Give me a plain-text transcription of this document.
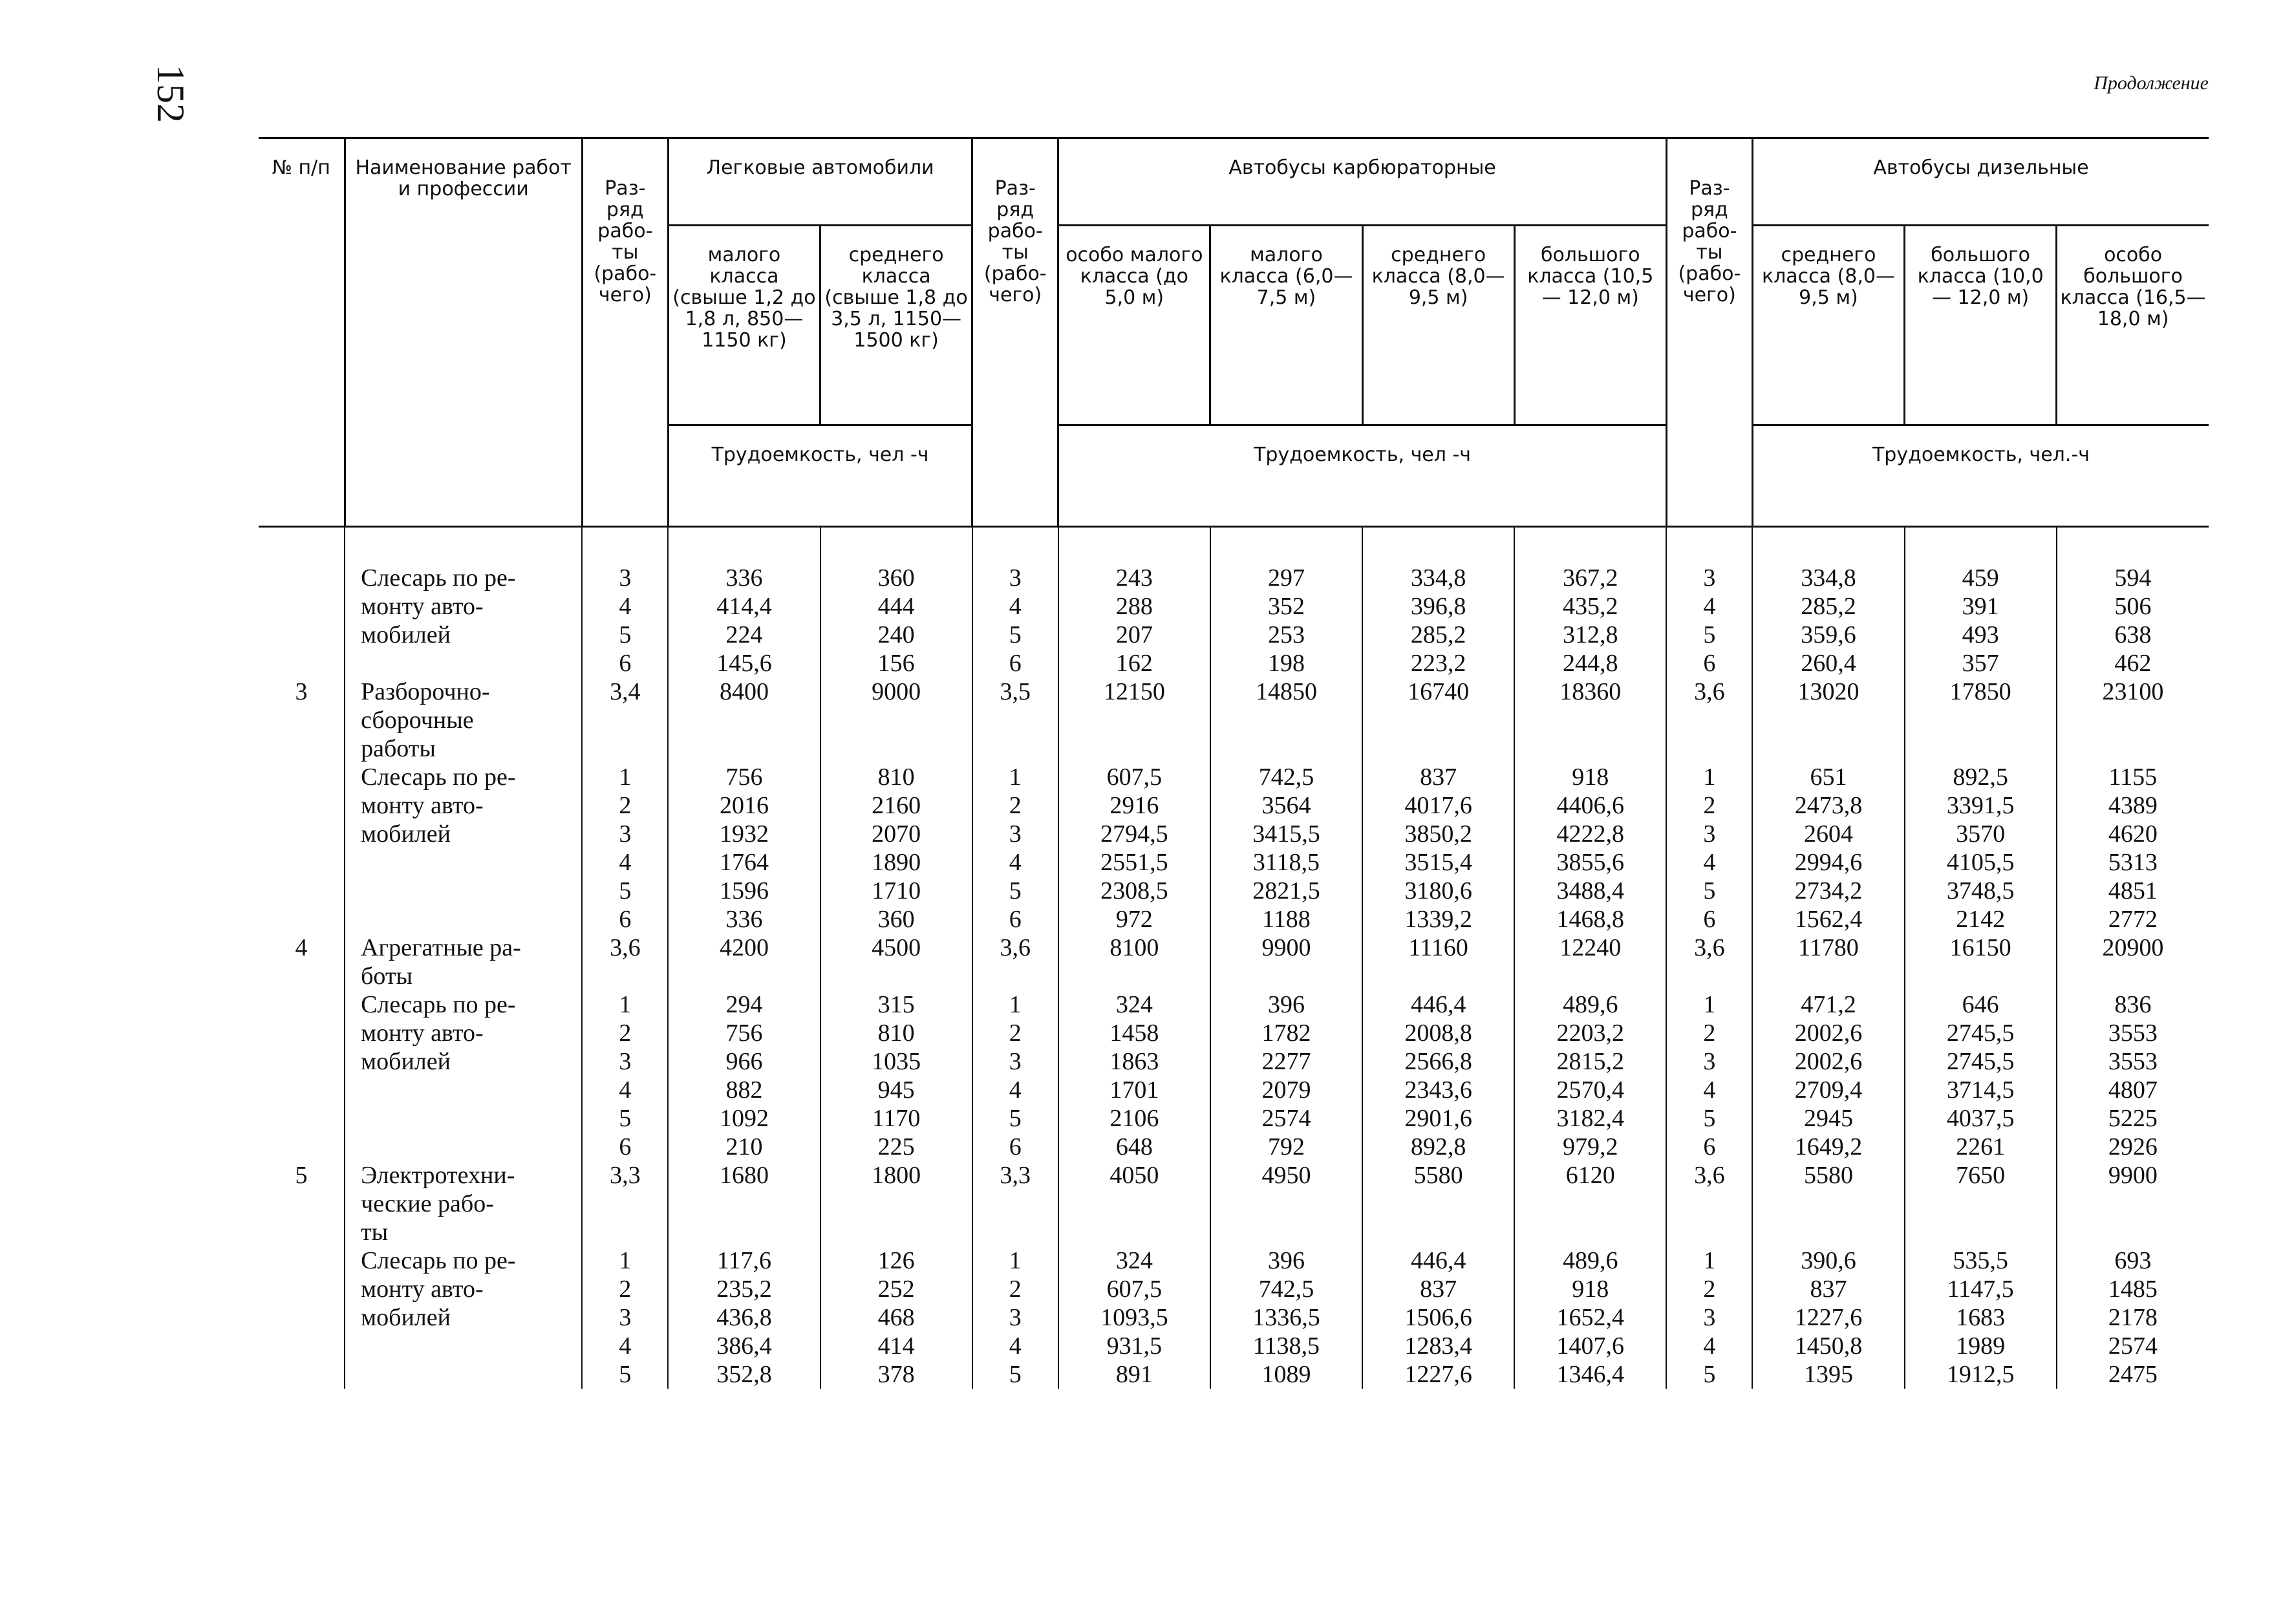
152	Продолжение
№ п/п	Наименование работ и профессии	Раз- ряд рабо- ты (рабо- чего)	Легковые автомобили		Раз- ряд рабо- ты (рабо- чего)	Автобусы карбюраторные				Раз- ряд рабо- ты (рабо- чего)	Автобусы дизельные		
			малого класса (свыше 1,2 до 1,8 л, 850— 1150 кг)	среднего класса (свыше 1,8 до 3,5 л, 1150— 1500 кг)		особо малого класса (до 5,0 м)	малого класса (6,0—7,5 м)	среднего класса (8,0—9,5 м)	большого класса (10,5— 12,0 м)		среднего класса (8,0—9,5 м)	большого класса (10,0— 12,0 м)	особо большого класса (16,5— 18,0 м)
			Трудоемкость, чел -ч			Трудоемкость, чел -ч					Трудоемкость, чел.-ч		

	Слесарь по ре-	3	336	360	3	243	297	334,8	367,2	3	334,8	459	594
	монту авто-	4	414,4	444	4	288	352	396,8	435,2	4	285,2	391	506
	мобилей	5	224	240	5	207	253	285,2	312,8	5	359,6	493	638
		6	145,6	156	6	162	198	223,2	244,8	6	260,4	357	462
3	Разборочно-	3,4	8400	9000	3,5	12150	14850	16740	18360	3,6	13020	17850	23100
	сборочные												
	работы												
	Слесарь по ре-	1	756	810	1	607,5	742,5	837	918	1	651	892,5	1155
	монту авто-	2	2016	2160	2	2916	3564	4017,6	4406,6	2	2473,8	3391,5	4389
	мобилей	3	1932	2070	3	2794,5	3415,5	3850,2	4222,8	3	2604	3570	4620
		4	1764	1890	4	2551,5	3118,5	3515,4	3855,6	4	2994,6	4105,5	5313
		5	1596	1710	5	2308,5	2821,5	3180,6	3488,4	5	2734,2	3748,5	4851
		6	336	360	6	972	1188	1339,2	1468,8	6	1562,4	2142	2772
4	Агрегатные ра-	3,6	4200	4500	3,6	8100	9900	11160	12240	3,6	11780	16150	20900
	боты												
	Слесарь по ре-	1	294	315	1	324	396	446,4	489,6	1	471,2	646	836
	монту авто-	2	756	810	2	1458	1782	2008,8	2203,2	2	2002,6	2745,5	3553
	мобилей	3	966	1035	3	1863	2277	2566,8	2815,2	3	2002,6	2745,5	3553
		4	882	945	4	1701	2079	2343,6	2570,4	4	2709,4	3714,5	4807
		5	1092	1170	5	2106	2574	2901,6	3182,4	5	2945	4037,5	5225
		6	210	225	6	648	792	892,8	979,2	6	1649,2	2261	2926
5	Электротехни-	3,3	1680	1800	3,3	4050	4950	5580	6120	3,6	5580	7650	9900
	ческие рабо-												
	ты												
	Слесарь по ре-	1	117,6	126	1	324	396	446,4	489,6	1	390,6	535,5	693
	монту авто-	2	235,2	252	2	607,5	742,5	837	918	2	837	1147,5	1485
	мобилей	3	436,8	468	3	1093,5	1336,5	1506,6	1652,4	3	1227,6	1683	2178
		4	386,4	414	4	931,5	1138,5	1283,4	1407,6	4	1450,8	1989	2574
		5	352,8	378	5	891	1089	1227,6	1346,4	5	1395	1912,5	2475
